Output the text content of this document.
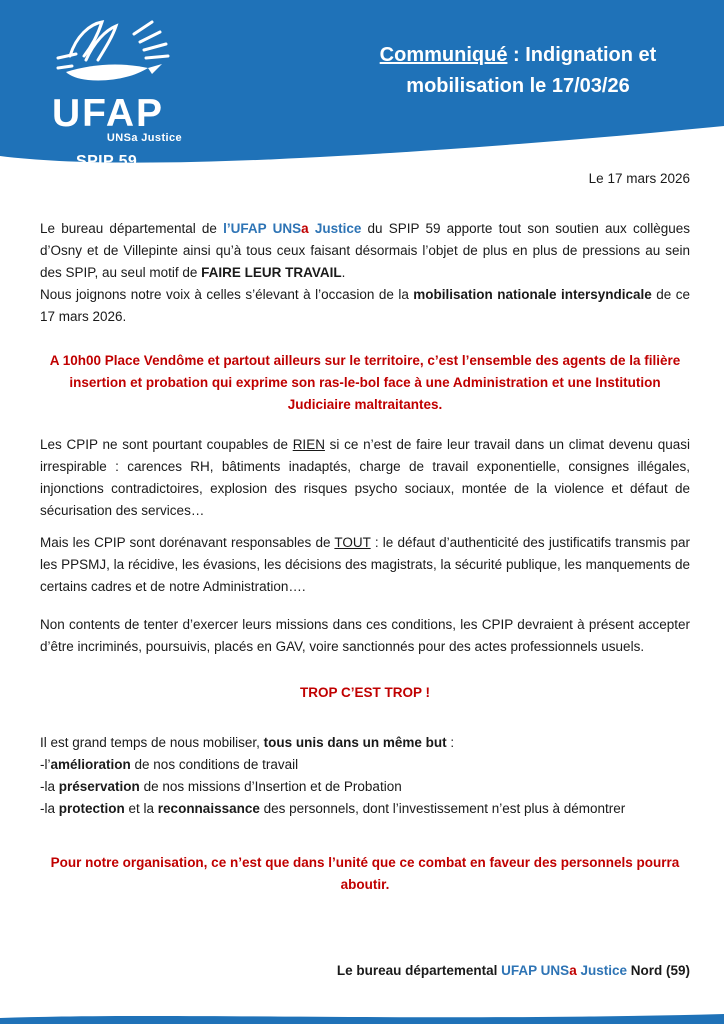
UFAP
UNSa Justice
SPIP 59
Communiqué : Indignation et mobilisation le 17/03/26

Le 17 mars 2026

Le bureau départemental de l’UFAP UNSa Justice du SPIP 59 apporte tout son soutien aux collègues d’Osny et de Villepinte ainsi qu’à tous ceux faisant désormais l’objet de plus en plus de pressions au sein des SPIP, au seul motif de FAIRE LEUR TRAVAIL.

Nous joignons notre voix à celles s’élevant à l’occasion de la mobilisation nationale intersyndicale de ce 17 mars 2026.

A 10h00 Place Vendôme et partout ailleurs sur le territoire, c’est l’ensemble des agents de la filière insertion et probation qui exprime son ras-le-bol face à une Administration et une Institution Judiciaire maltraitantes.

Les CPIP ne sont pourtant coupables de RIEN si ce n’est de faire leur travail dans un climat devenu quasi irrespirable : carences RH, bâtiments inadaptés, charge de travail exponentielle, consignes illégales, injonctions contradictoires, explosion des risques psycho sociaux, montée de la violence et défaut de sécurisation des services…

Mais les CPIP sont dorénavant responsables de TOUT : le défaut d’authenticité des justificatifs transmis par les PPSMJ, la récidive, les évasions, les décisions des magistrats, la sécurité publique, les manquements de certains cadres et de notre Administration….

Non contents de tenter d’exercer leurs missions dans ces conditions, les CPIP devraient à présent accepter d’être incriminés, poursuivis, placés en GAV, voire sanctionnés pour des actes professionnels usuels.

TROP C’EST TROP !

Il est grand temps de nous mobiliser, tous unis dans un même but :

-l’amélioration de nos conditions de travail

-la préservation de nos missions d’Insertion et de Probation

-la protection et la reconnaissance des personnels, dont l’investissement n’est plus à démontrer

Pour notre organisation, ce n’est que dans l’unité que ce combat en faveur des personnels pourra aboutir.

Le bureau départemental UFAP UNSa Justice Nord (59)
